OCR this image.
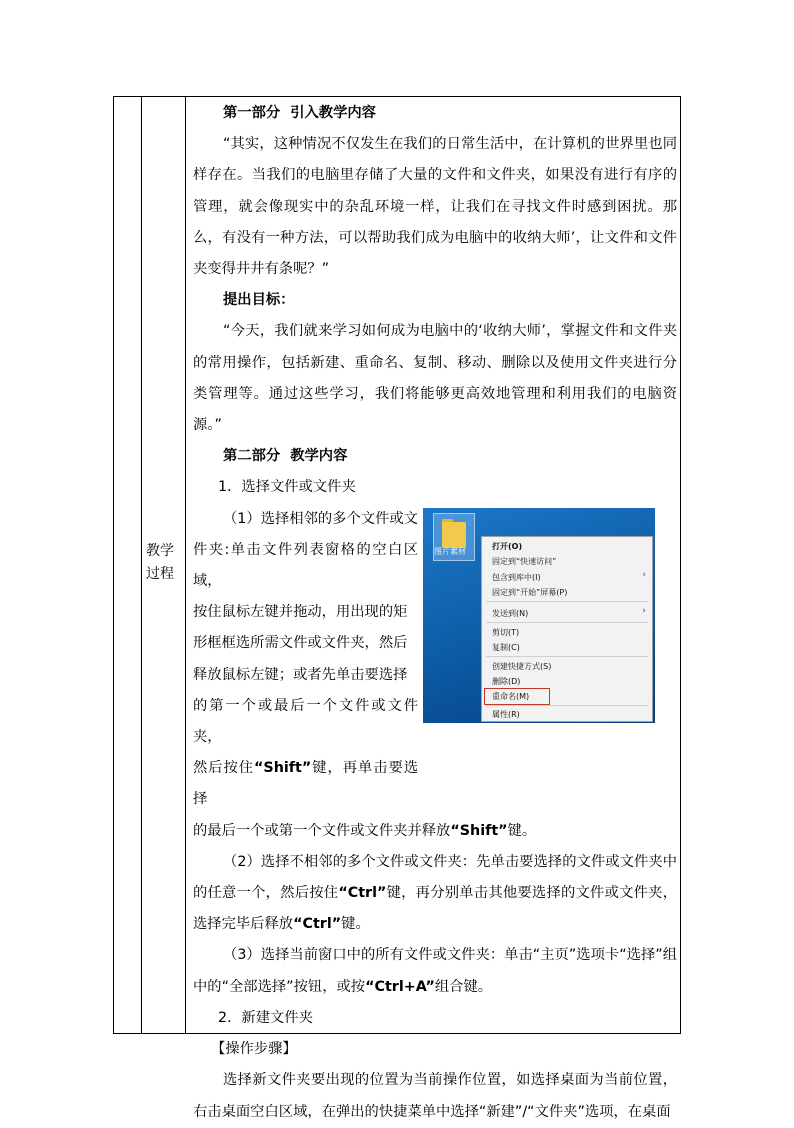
教学过程

第一部分 引入教学内容

“其实，这种情况不仅发生在我们的日常生活中，在计算机的世界里也同样存在。当我们的电脑里存储了大量的文件和文件夹，如果没有进行有序的管理，就会像现实中的杂乱环境一样，让我们在寻找文件时感到困扰。那么，有没有一种方法，可以帮助我们成为电脑中的收纳大师’，让文件和文件夹变得井井有条呢？”

提出目标：

“今天，我们就来学习如何成为电脑中的‘收纳大师’，掌握文件和文件夹的常用操作，包括新建、重命名、复制、移动、删除以及使用文件夹进行分类管理等。通过这些学习，我们将能够更高效地管理和利用我们的电脑资源。”

第二部分 教学内容

1．选择文件或文件夹

图片素材
打开(O)
固定到“快速访问”
包含到库中(I)	›
固定到“开始”屏幕(P)
发送到(N)	›
剪切(T)
复制(C)
创建快捷方式(S)
删除(D)
重命名(M)
属性(R)

（1）选择相邻的多个文件或文

件夹:单击文件列表窗格的空白区域，

按住鼠标左键并拖动，用出现的矩

形框框选所需文件或文件夹，然后

释放鼠标左键；或者先单击要选择

的第一个或最后一个文件或文件夹，

然后按住“Shift”键，再单击要选择

的最后一个或第一个文件或文件夹并释放“Shift”键。

（2）选择不相邻的多个文件或文件夹：先单击要选择的文件或文件夹中的任意一个，然后按住“Ctrl”键，再分别单击其他要选择的文件或文件夹，选择完毕后释放“Ctrl”键。

（3）选择当前窗口中的所有文件或文件夹：单击“主页”选项卡“选择”组中的“全部选择”按钮，或按“Ctrl+A”组合键。

2．新建文件夹

【操作步骤】

选择新文件夹要出现的位置为当前操作位置，如选择桌面为当前位置，右击桌面空白区域，在弹出的快捷菜单中选择“新建”/“文件夹”选项，在桌面
